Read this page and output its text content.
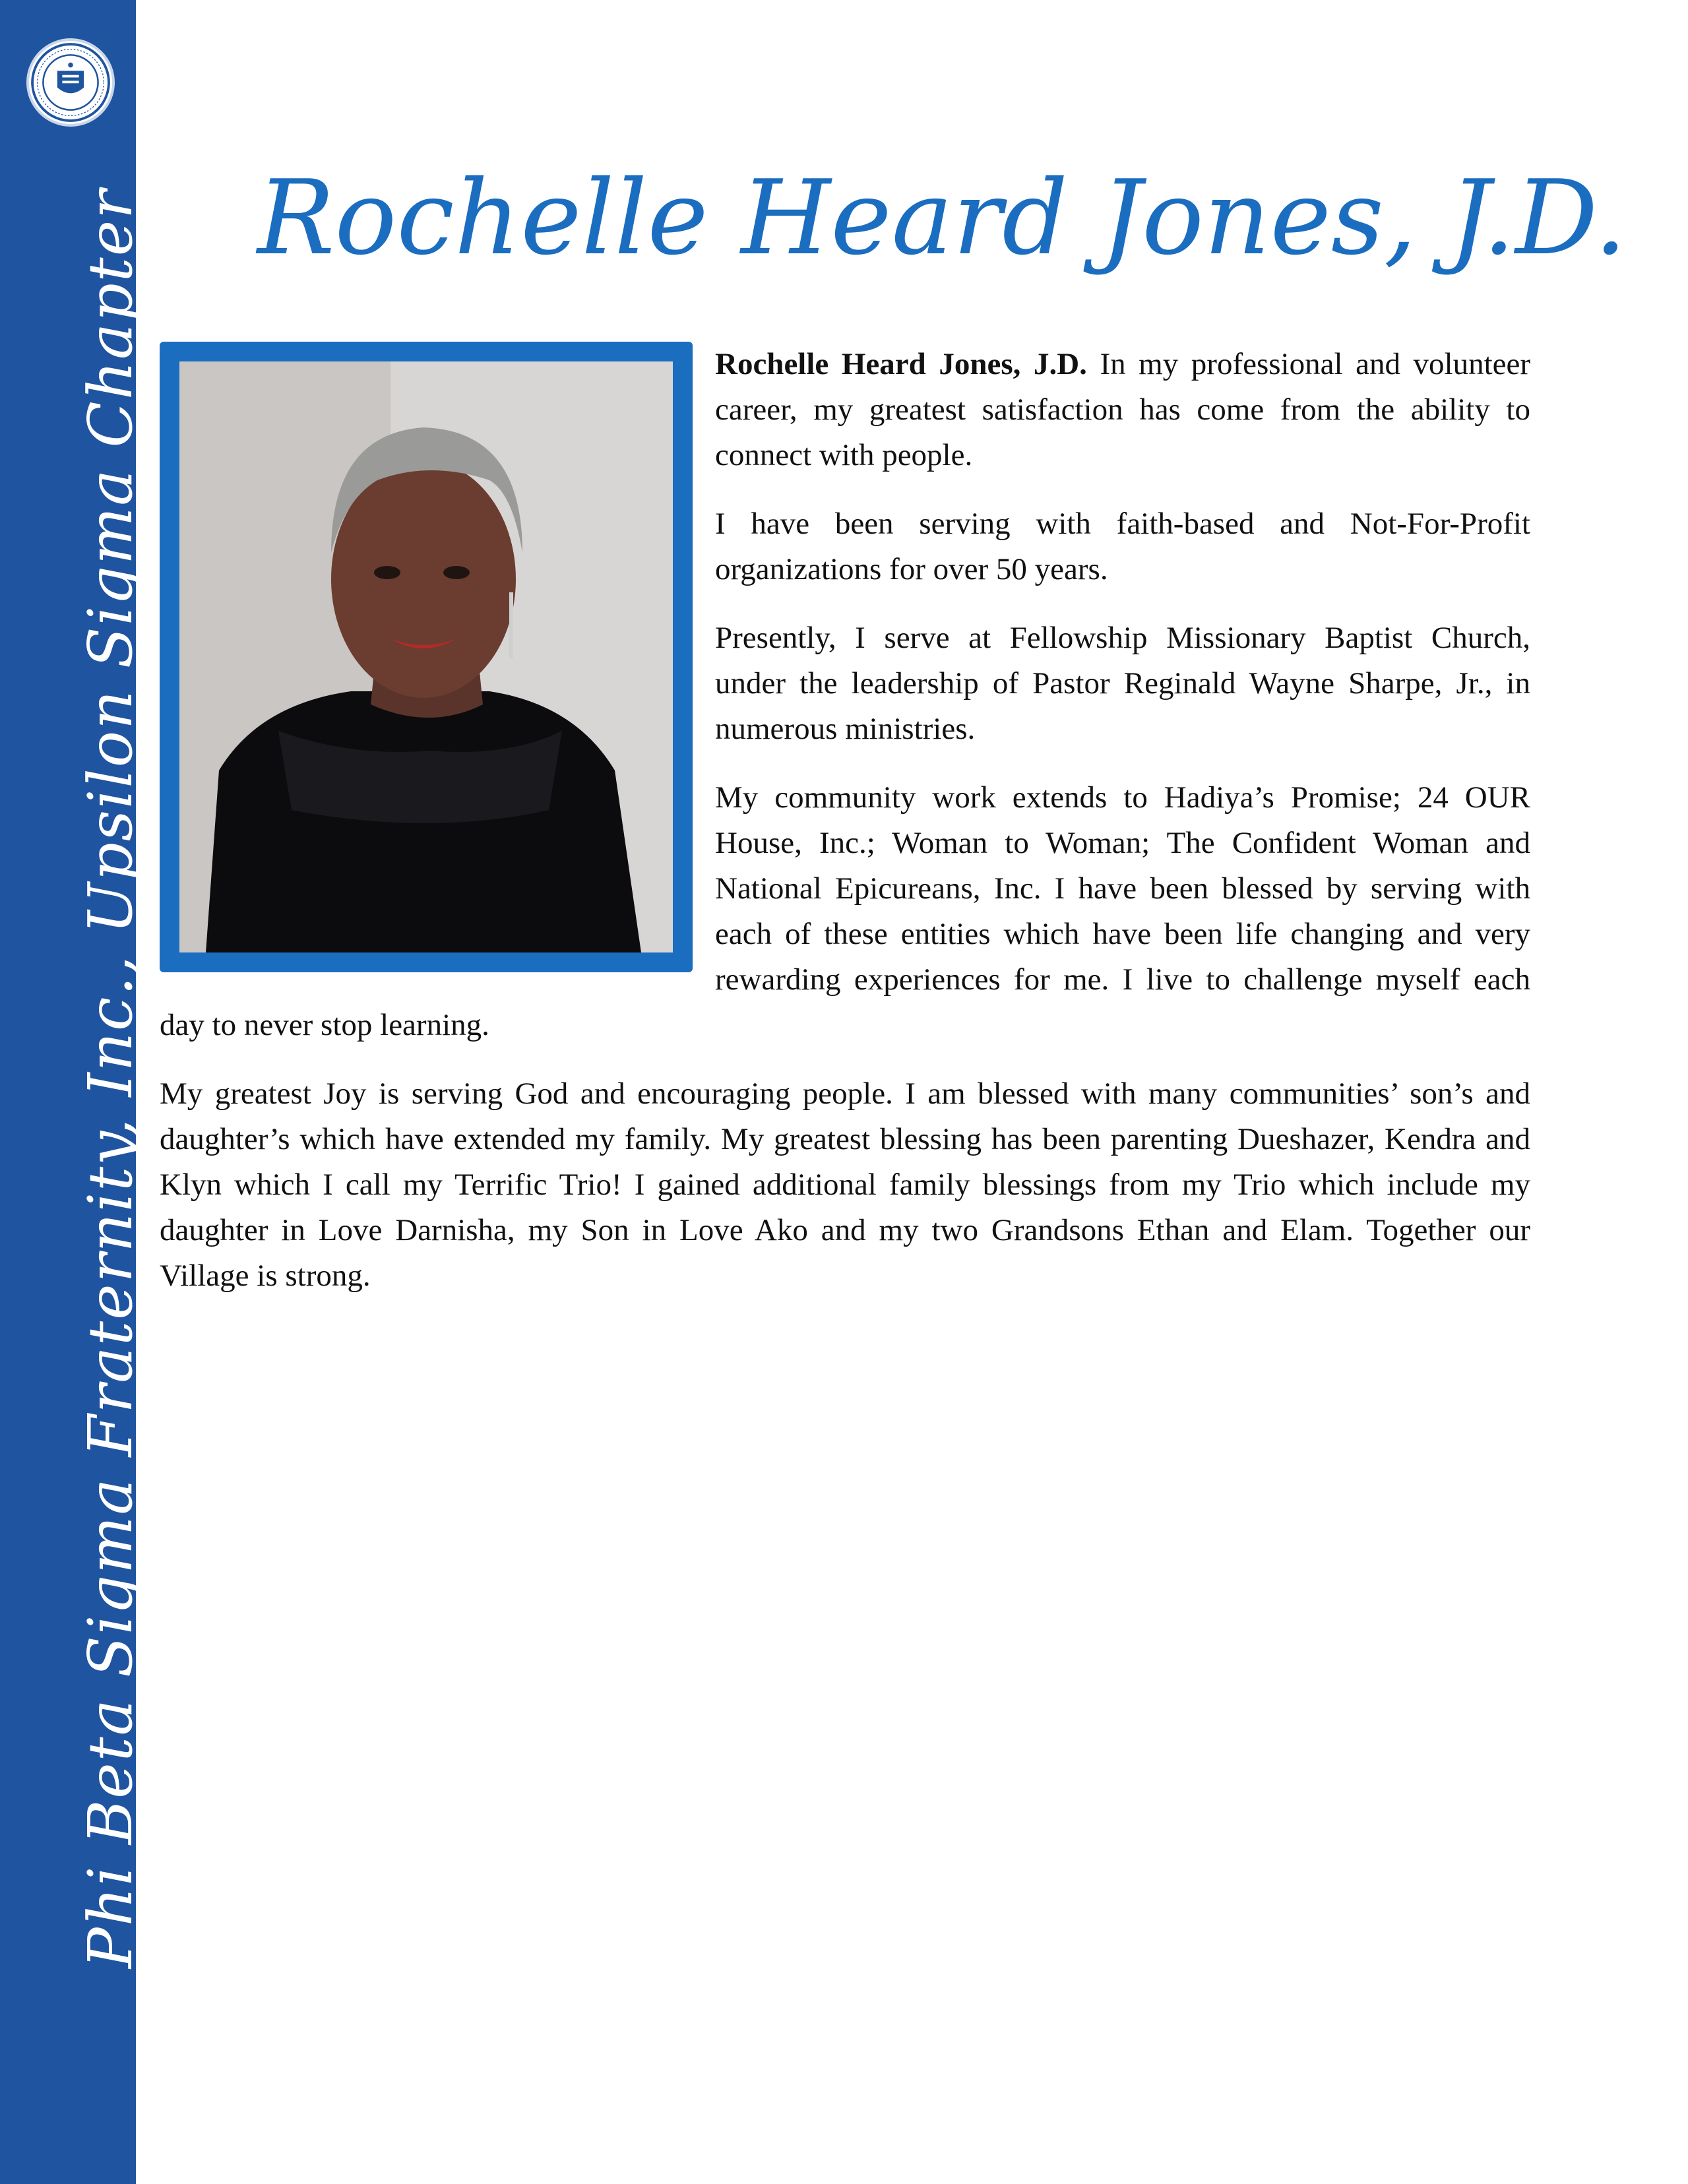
Phi Beta Sigma Fraternity, Inc., Upsilon Sigma Chapter Rochelle Heard Jones, J.D.

Rochelle Heard Jones, J.D. In my professional and volunteer career, my greatest satisfaction has come from the ability to connect with people.

I have been serving with faith-based and Not-For-Profit organizations for over 50 years.

Presently, I serve at Fellowship Missionary Baptist Church, under the leadership of Pastor Reginald Wayne Sharpe, Jr., in numerous ministries.

My community work extends to Hadiya’s Promise; 24 OUR House, Inc.; Woman to Woman; The Confident Woman and National Epicureans, Inc. I have been blessed by serving with each of these entities which have been life changing and very rewarding experiences for me. I live to challenge myself each day to never stop learning.

My greatest Joy is serving God and encouraging people. I am blessed with many communities’ son’s and daughter’s which have extended my family. My greatest blessing has been parenting Dueshazer, Kendra and Klyn which I call my Terrific Trio! I gained additional family blessings from my Trio which include my daughter in Love Darnisha, my Son in Love Ako and my two Grandsons Ethan and Elam. Together our Village is strong.
